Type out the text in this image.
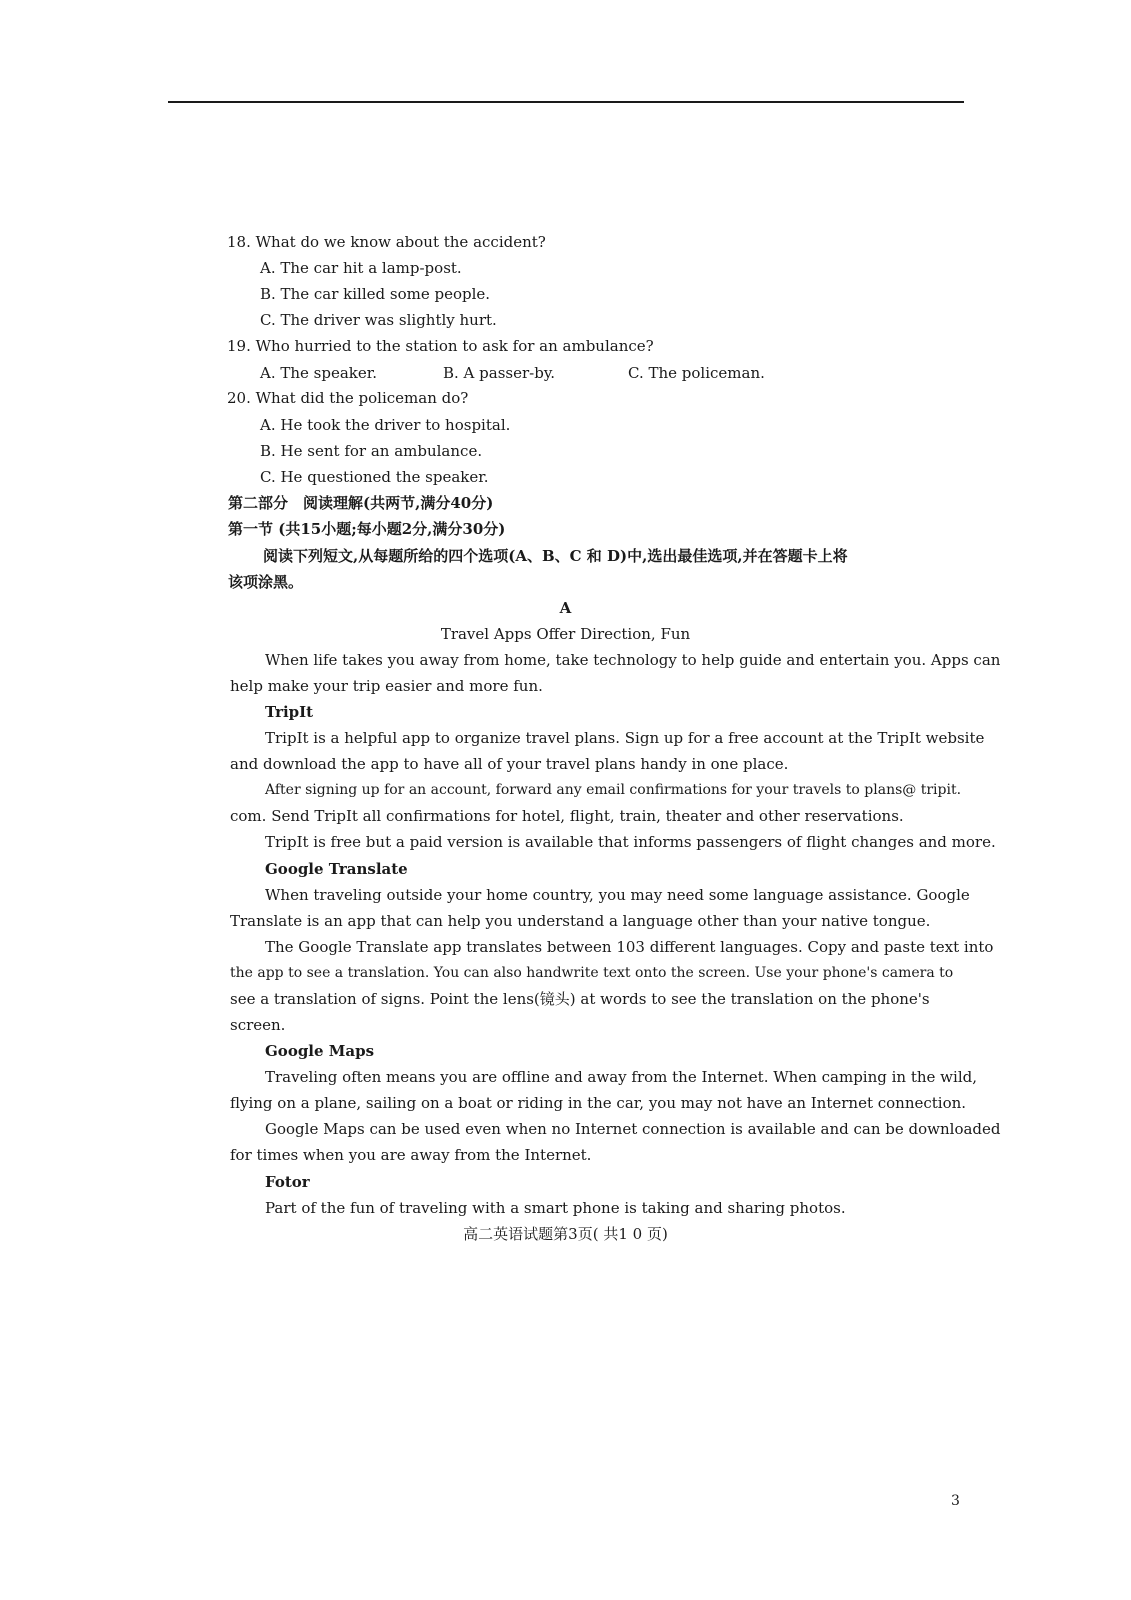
18. What do we know about the accident?
A. The car hit a lamp-post.
B. The car killed some people.
C. The driver was slightly hurt.
19. Who hurried to the station to ask for an ambulance?
A. The speaker.	B. A passer-by.	C. The policeman.
20. What did the policeman do?
A. He took the driver to hospital.
B. He sent for an ambulance.
C. He questioned the speaker.
第二部分　阅读理解(共两节,满分40分)
第一节 (共15小题;每小题2分,满分30分)
阅读下列短文,从每题所给的四个选项(A、B、C 和 D)中,选出最佳选项,并在答题卡上将
该项涂黑。
A
Travel Apps Offer Direction, Fun
When life takes you away from home, take technology to help guide and entertain you. Apps can
help make your trip easier and more fun.
TripIt
TripIt is a helpful app to organize travel plans. Sign up for a free account at the TripIt website
and download the app to have all of your travel plans handy in one place.
After signing up for an account, forward any email confirmations for your travels to plans@ tripit.
com. Send TripIt all confirmations for hotel, flight, train, theater and other reservations.
TripIt is free but a paid version is available that informs passengers of flight changes and more.
Google Translate
When traveling outside your home country, you may need some language assistance. Google
Translate is an app that can help you understand a language other than your native tongue.
The Google Translate app translates between 103 different languages. Copy and paste text into
the app to see a translation. You can also handwrite text onto the screen. Use your phone's camera to
see a translation of signs. Point the lens(镜头) at words to see the translation on the phone's
screen.
Google Maps
Traveling often means you are offline and away from the Internet. When camping in the wild,
flying on a plane, sailing on a boat or riding in the car, you may not have an Internet connection.
Google Maps can be used even when no Internet connection is available and can be downloaded
for times when you are away from the Internet.
Fotor
Part of the fun of traveling with a smart phone is taking and sharing photos.
高二英语试题第3页( 共1 0 页)
3
